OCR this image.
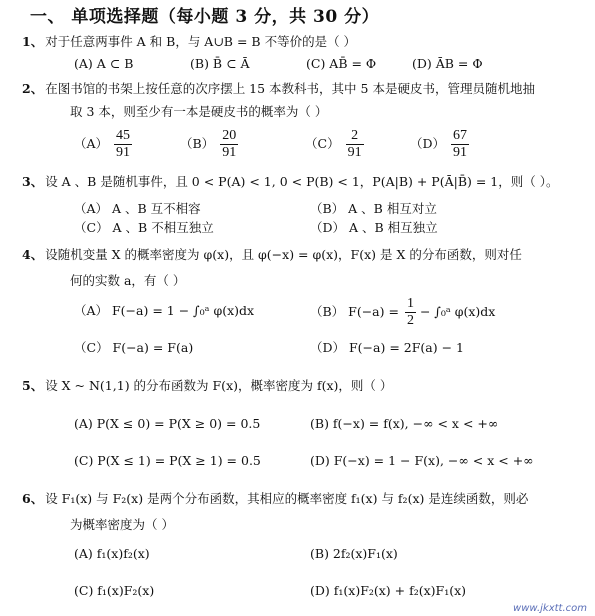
一、 单项选择题（每小题 3 分，共 30 分）
1、 对于任意两事件 A 和 B，与 A∪B = B 不等价的是（ ）
(A) A ⊂ B	(B) B̄ ⊂ Ā	(C) AB̄ = Φ	(D) ĀB = Φ
2、 在图书馆的书架上按任意的次序摆上 15 本教科书，其中 5 本是硬皮书，管理员随机地抽
取 3 本，则至少有一本是硬皮书的概率为（ ）
$(A) \frac{45}{91}$	$(B) \frac{20}{91}$	$(C) \frac{2}{91}$	$(D) \frac{67}{91}$
3、 设 A 、B 是随机事件，且 0 < P(A) < 1, 0 < P(B) < 1，P(A|B) + P(Ā|B̄) = 1，则（ ）。
（A） A 、B 互不相容	（B） A 、B 相互对立
（C） A 、B 不相互独立	（D） A 、B 相互独立
4、 设随机变量 X 的概率密度为 φ(x)，且 φ(−x) = φ(x)，F(x) 是 X 的分布函数，则对任
何的实数 a，有（ ）
（A） F(−a) = 1 − ∫₀ᵃ φ(x)dx	（B） $F(-a) = \frac{1}{2}$ − ∫₀ᵃ φ(x)dx
（C） F(−a) = F(a)	（D） F(−a) = 2F(a) − 1
5、 设 X ~ N(1,1) 的分布函数为 F(x)，概率密度为 f(x)，则（ ）
(A) P(X ≤ 0) = P(X ≥ 0) = 0.5	(B) f(−x) = f(x), −∞ < x < +∞
(C) P(X ≤ 1) = P(X ≥ 1) = 0.5	(D) F(−x) = 1 − F(x), −∞ < x < +∞
6、 设 F₁(x) 与 F₂(x) 是两个分布函数，其相应的概率密度 f₁(x) 与 f₂(x) 是连续函数，则必
为概率密度为（ ）
(A) f₁(x)f₂(x)	(B) 2f₂(x)F₁(x)
(C) f₁(x)F₂(x)	(D) f₁(x)F₂(x) + f₂(x)F₁(x)
www.jkxtt.com
